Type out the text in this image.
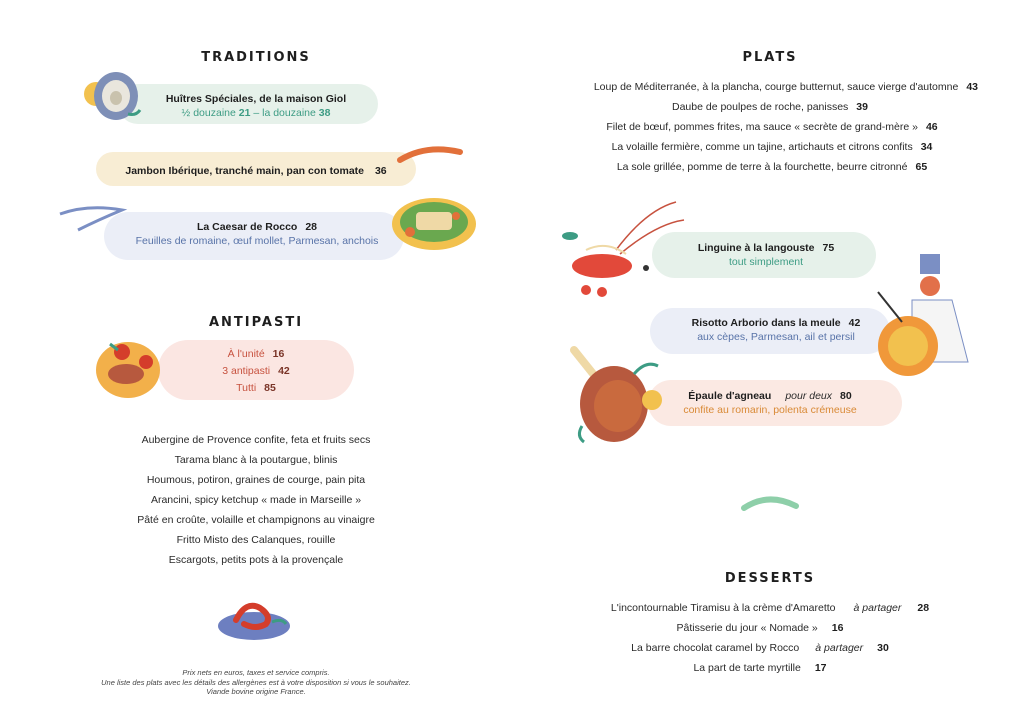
TRADITIONS
Huîtres Spéciales, de la maison Giol
½ douzaine 21 – la douzaine 38
Jambon Ibérique, tranché main, pan con tomate 36
La Caesar de Rocco 28
Feuilles de romaine, œuf mollet, Parmesan, anchois
ANTIPASTI
À l'unité 16
3 antipasti 42
Tutti 85
Aubergine de Provence confite, feta et fruits secs
Tarama blanc à la poutargue, blinis
Houmous, potiron, graines de courge, pain pita
Arancini, spicy ketchup « made in Marseille »
Pâté en croûte, volaille et champignons au vinaigre
Fritto Misto des Calanques, rouille
Escargots, petits pots à la provençale
Prix nets en euros, taxes et service compris.
Une liste des plats avec les détails des allergènes est à votre disposition si vous le souhaitez.
Viande bovine origine France.
PLATS
Loup de Méditerranée, à la plancha, courge butternut, sauce vierge d'automne 43
Daube de poulpes de roche, panisses 39
Filet de bœuf, pommes frites, ma sauce « secrète de grand-mère » 46
La volaille fermière, comme un tajine, artichauts et citrons confits 34
La sole grillée, pomme de terre à la fourchette, beurre citronné 65
Linguine à la langouste 75
tout simplement
Risotto Arborio dans la meule 42
aux cèpes, Parmesan, ail et persil
Épaule d'agneau pour deux 80
confite au romarin, polenta crémeuse
DESSERTS
L'incontournable Tiramisu à la crème d'Amaretto à partager 28
Pâtisserie du jour « Nomade » 16
La barre chocolat caramel by Rocco à partager 30
La part de tarte myrtille 17
